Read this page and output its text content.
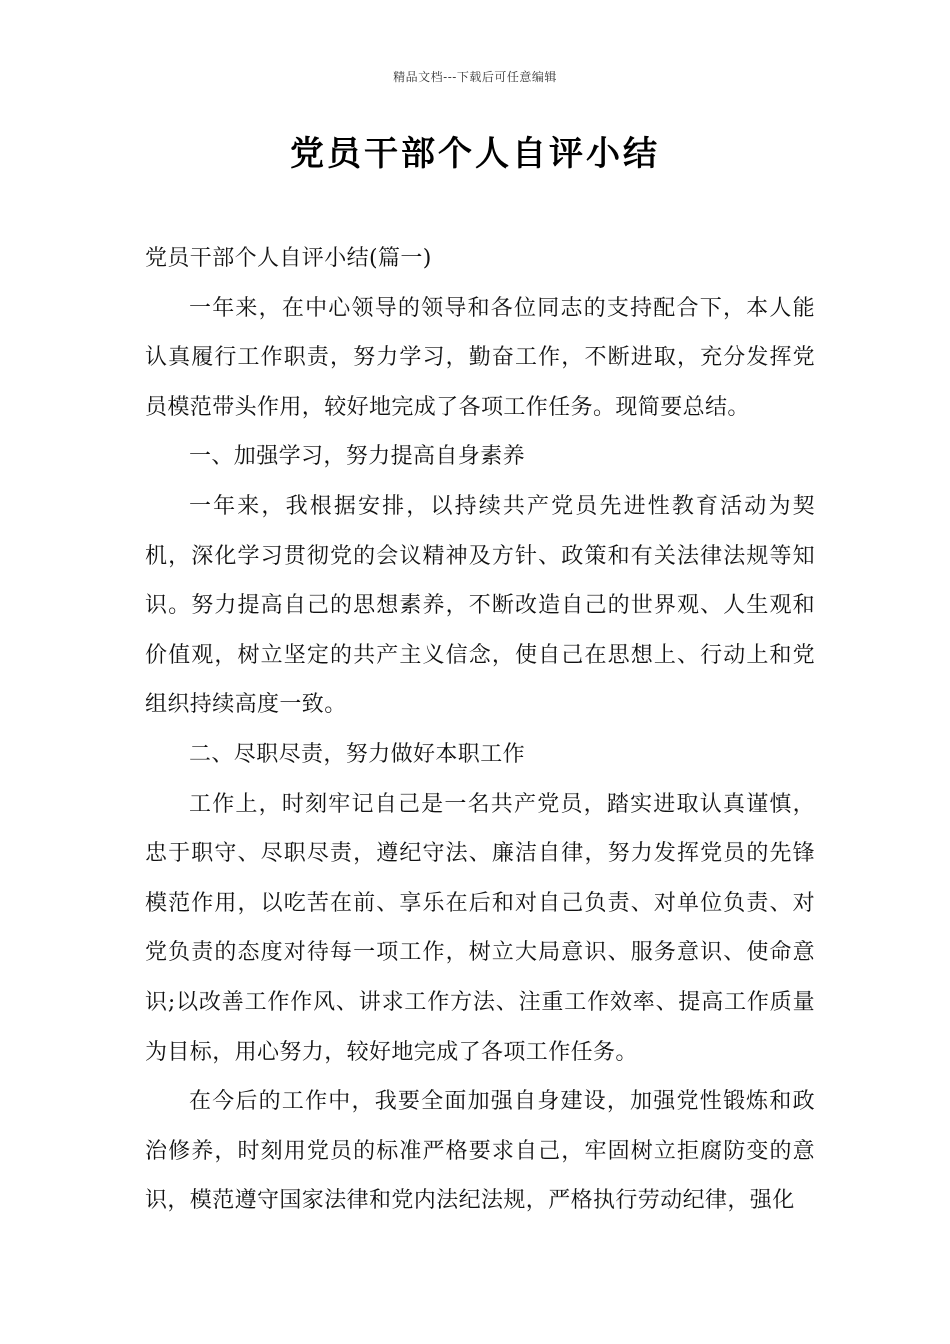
精品文档---下载后可任意编辑
党员干部个人自评小结

党员干部个人自评小结(篇一)

一年来，在中心领导的领导和各位同志的支持配合下，本人能认真履行工作职责，努力学习，勤奋工作，不断进取，充分发挥党员模范带头作用，较好地完成了各项工作任务。现简要总结。

一、加强学习，努力提高自身素养

一年来，我根据安排，以持续共产党员先进性教育活动为契机，深化学习贯彻党的会议精神及方针、政策和有关法律法规等知识。努力提高自己的思想素养，不断改造自己的世界观、人生观和价值观，树立坚定的共产主义信念，使自己在思想上、行动上和党组织持续高度一致。

二、尽职尽责，努力做好本职工作

工作上，时刻牢记自己是一名共产党员，踏实进取认真谨慎，忠于职守、尽职尽责，遵纪守法、廉洁自律，努力发挥党员的先锋模范作用，以吃苦在前、享乐在后和对自己负责、对单位负责、对党负责的态度对待每一项工作，树立大局意识、服务意识、使命意识;以改善工作作风、讲求工作方法、注重工作效率、提高工作质量为目标，用心努力，较好地完成了各项工作任务。

在今后的工作中，我要全面加强自身建设，加强党性锻炼和政治修养，时刻用党员的标准严格要求自己，牢固树立拒腐防变的意识，模范遵守国家法律和党内法纪法规，严格执行劳动纪律，强化
